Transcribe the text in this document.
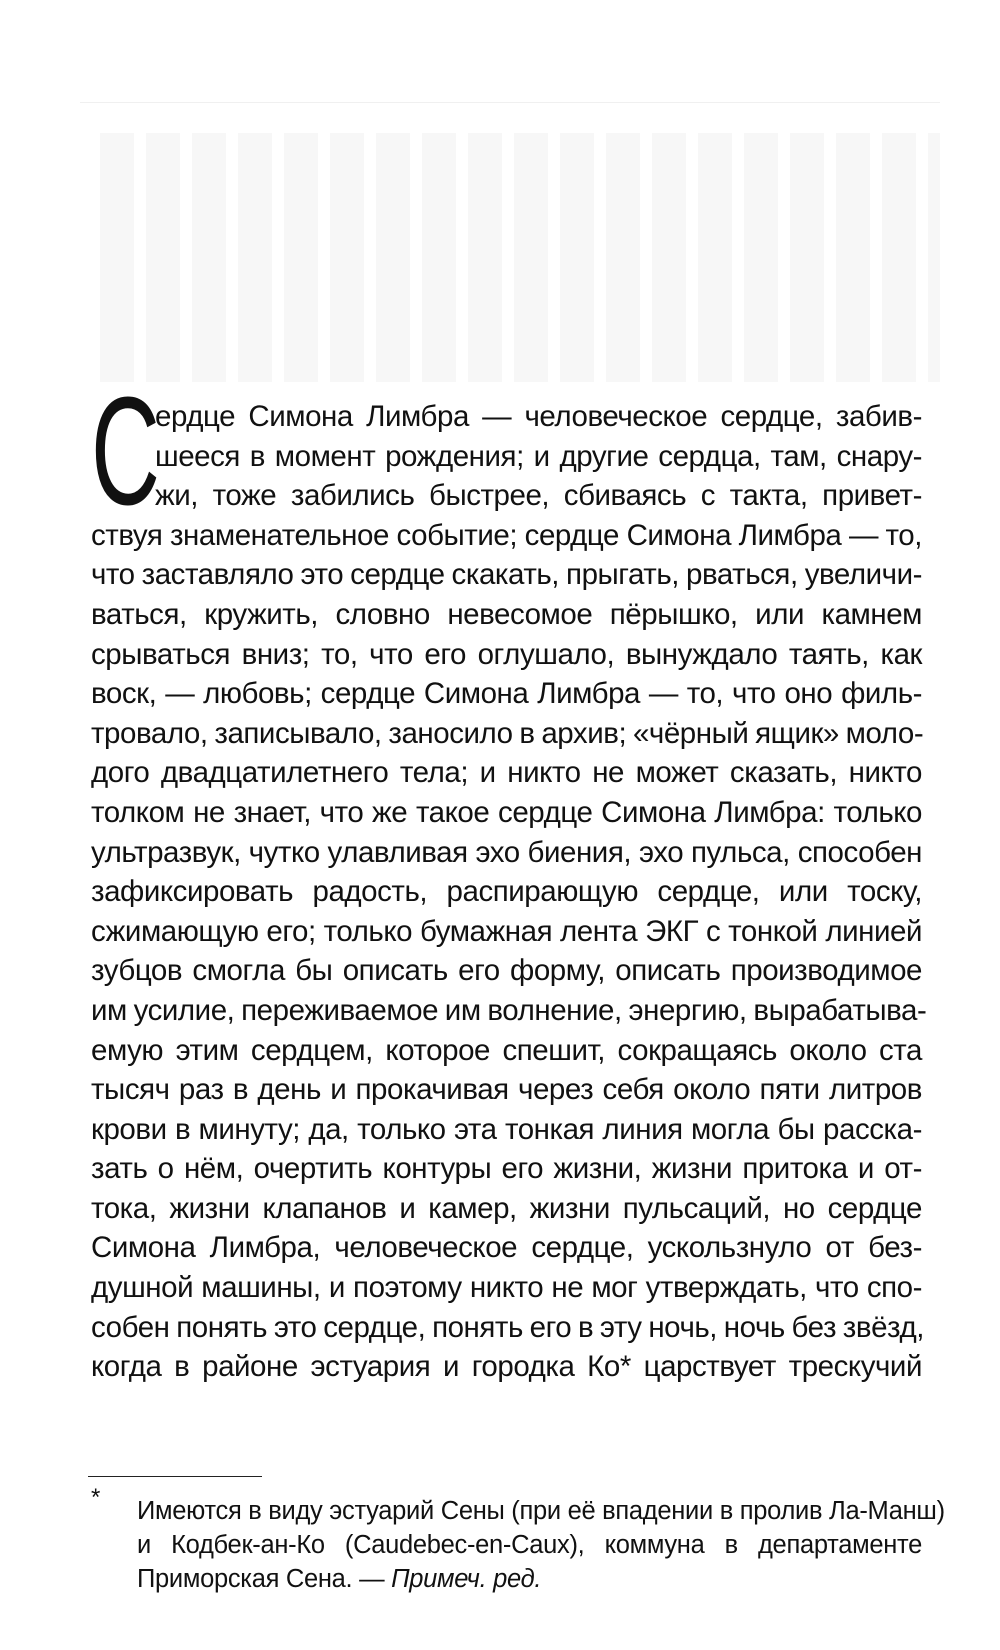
С
ердце Симона Лимбра — человеческое сердце, забив-
шееся в момент рождения; и другие сердца, там, снару-
жи, тоже забились быстрее, сбиваясь с такта, привет-
ствуя знаменательное событие; сердце Симона Лимбра — то,
что заставляло это сердце скакать, прыгать, рваться, увеличи-
ваться, кружить, словно невесомое пёрышко, или камнем
срываться вниз; то, что его оглушало, вынуждало таять, как
воск, — любовь; сердце Симона Лимбра — то, что оно филь-
тровало, записывало, заносило в архив; «чёрный ящик» моло-
дого двадцатилетнего тела; и никто не может сказать, никто
толком не знает, что же такое сердце Симона Лимбра: только
ультразвук, чутко улавливая эхо биения, эхо пульса, способен
зафиксировать радость, распирающую сердце, или тоску,
сжимающую его; только бумажная лента ЭКГ с тонкой линией
зубцов смогла бы описать его форму, описать производимое
им усилие, переживаемое им волнение, энергию, вырабатыва-
емую этим сердцем, которое спешит, сокращаясь около ста
тысяч раз в день и прокачивая через себя около пяти литров
крови в минуту; да, только эта тонкая линия могла бы расска-
зать о нём, очертить контуры его жизни, жизни притока и от-
тока, жизни клапанов и камер, жизни пульсаций, но сердце
Симона Лимбра, человеческое сердце, ускользнуло от без-
душной машины, и поэтому никто не мог утверждать, что спо-
собен понять это сердце, понять его в эту ночь, ночь без звёзд,
когда в районе эстуария и городка Ко* царствует трескучий
* Имеются в виду эстуарий Сены (при её впадении в пролив Ла-Манш)
и Кодбек-ан-Ко (Caudebec-en-Caux), коммуна в департаменте
Приморская Сена. — Примеч. ред.
